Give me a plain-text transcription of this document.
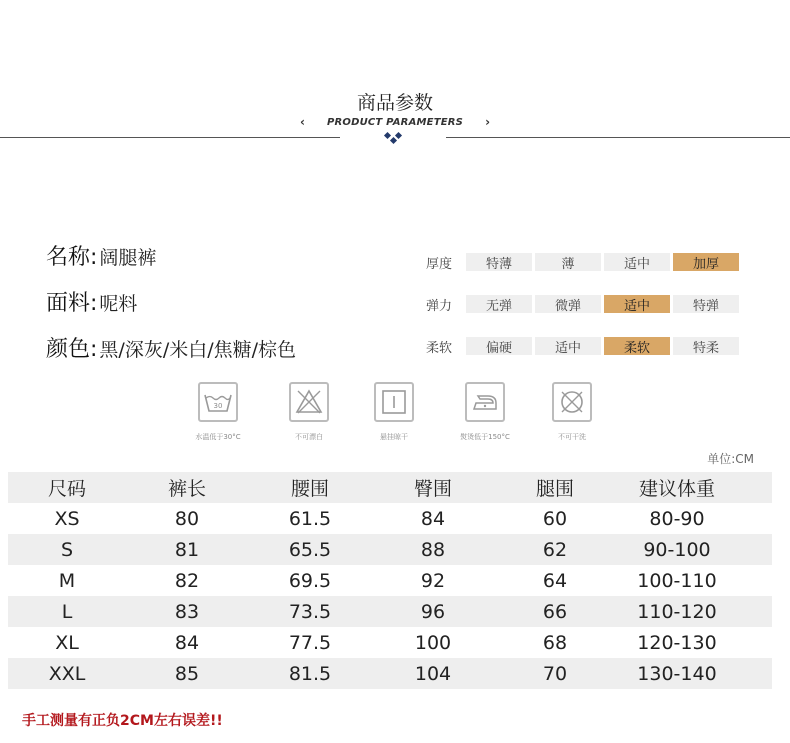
商品参数
‹ PRODUCT PARAMETERS ›
名称: 阔腿裤
面料: 呢料
颜色: 黑/深灰/米白/焦糖/棕色
厚度	特薄	薄	适中	加厚
弹力	无弹	微弹	适中	特弹
柔软	偏硬	适中	柔软	特柔
30
水温低于30°C	不可漂白	悬挂晾干	熨烫低于150°C	不可干洗
单位:CM
尺码	裤长	腰围	臀围	腿围	建议体重
XS	80	61.5	84	60	80-90
S	81	65.5	88	62	90-100
M	82	69.5	92	64	100-110
L	83	73.5	96	66	110-120
XL	84	77.5	100	68	120-130
XXL	85	81.5	104	70	130-140
手工测量有正负2CM左右误差!!
